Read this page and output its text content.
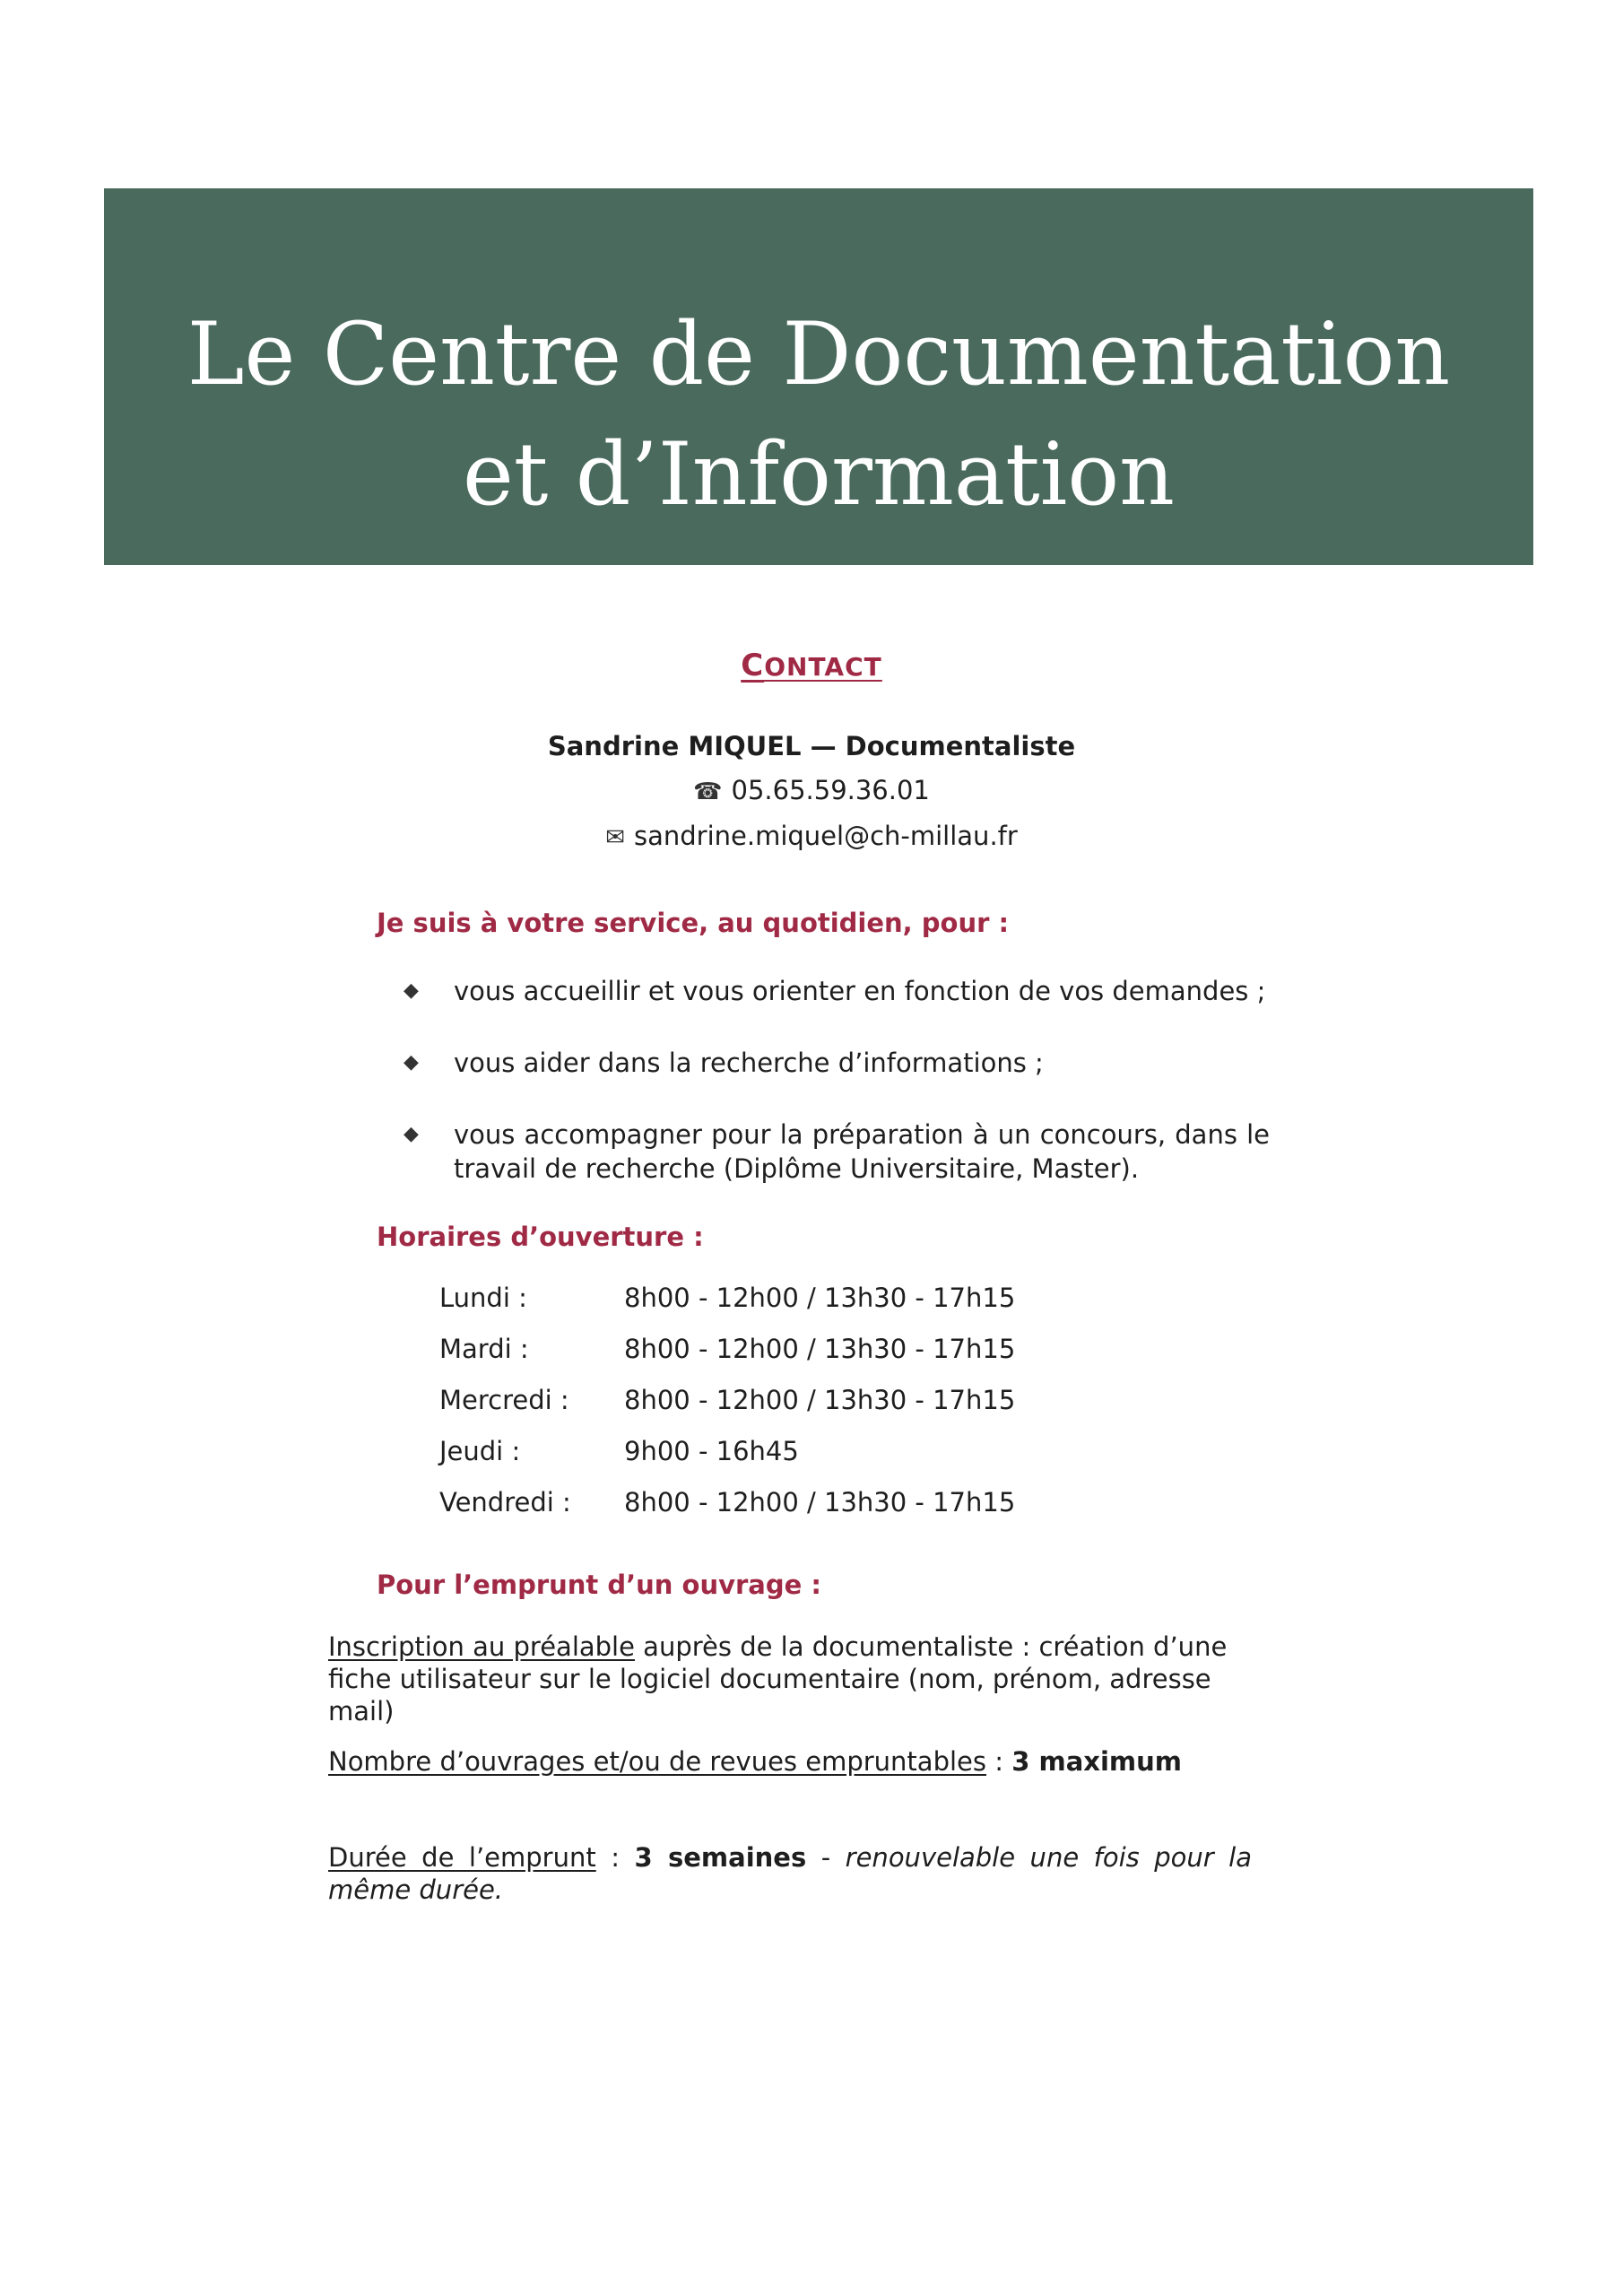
Le Centre de Documentation
et d’Information
CONTACT
Sandrine MIQUEL — Documentaliste
☎ 05.65.59.36.01
✉ sandrine.miquel@ch-millau.fr
Je suis à votre service, au quotidien, pour :
◆ vous accueillir et vous orienter en fonction de vos demandes ;
◆ vous aider dans la recherche d’informations ;
◆ vous accompagner pour la préparation à un concours, dans le travail de recherche (Diplôme Universitaire, Master).
Horaires d’ouverture :
Lundi :	8h00 - 12h00 / 13h30 - 17h15
Mardi :	8h00 - 12h00 / 13h30 - 17h15
Mercredi :	8h00 - 12h00 / 13h30 - 17h15
Jeudi :	9h00 - 16h45
Vendredi :	8h00 - 12h00 / 13h30 - 17h15
Pour l’emprunt d’un ouvrage :
Inscription au préalable auprès de la documentaliste : création d’une fiche utilisateur sur le logiciel documentaire (nom, prénom, adresse mail)
Nombre d’ouvrages et/ou de revues empruntables : 3 maximum
Durée de l’emprunt : 3 semaines - renouvelable une fois pour la même durée.
